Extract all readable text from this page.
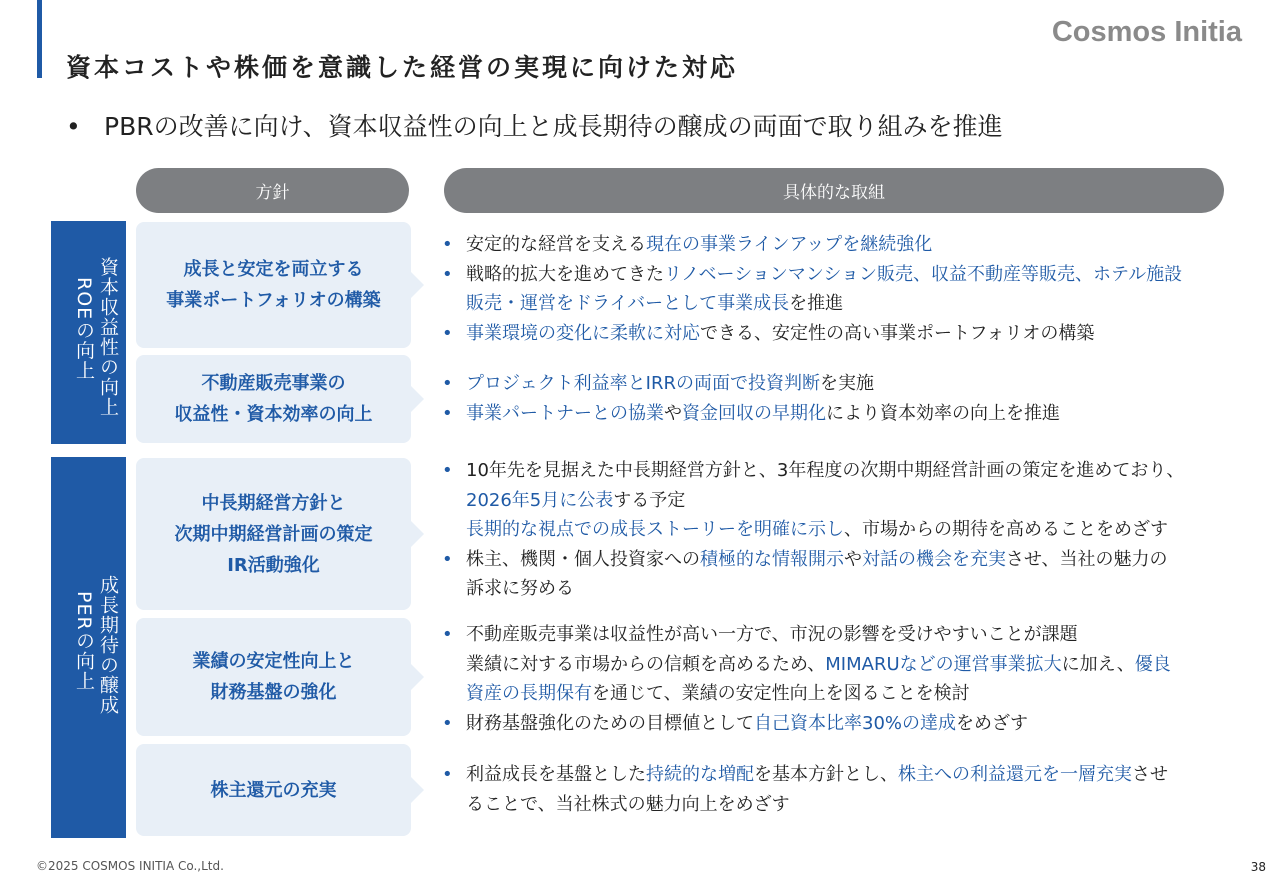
資本コストや株価を意識した経営の実現に向けた対応
Cosmos Initia
• PBRの改善に向け、資本収益性の向上と成長期待の醸成の両面で取り組みを推進
方針	具体的な取組
資本収益性の向上
ROEの向上
成長期待の醸成
PERの向上
成長と安定を両立する
事業ポートフォリオの構築
不動産販売事業の
収益性・資本効率の向上
中長期経営方針と
次期中期経営計画の策定
IR活動強化
業績の安定性向上と
財務基盤の強化
株主還元の充実
• 安定的な経営を支える現在の事業ラインアップを継続強化
• 戦略的拡大を進めてきたリノベーションマンション販売、収益不動産等販売、ホテル施設
販売・運営をドライバーとして事業成長を推進
• 事業環境の変化に柔軟に対応できる、安定性の高い事業ポートフォリオの構築
• プロジェクト利益率とIRRの両面で投資判断を実施
• 事業パートナーとの協業や資金回収の早期化により資本効率の向上を推進
• 10年先を見据えた中長期経営方針と、3年程度の次期中期経営計画の策定を進めており、
2026年5月に公表する予定
長期的な視点での成長ストーリーを明確に示し、市場からの期待を高めることをめざす
• 株主、機関・個人投資家への積極的な情報開示や対話の機会を充実させ、当社の魅力の
訴求に努める
• 不動産販売事業は収益性が高い一方で、市況の影響を受けやすいことが課題
業績に対する市場からの信頼を高めるため、MIMARUなどの運営事業拡大に加え、優良
資産の長期保有を通じて、業績の安定性向上を図ることを検討
• 財務基盤強化のための目標値として自己資本比率30%の達成をめざす
• 利益成長を基盤とした持続的な増配を基本方針とし、株主への利益還元を一層充実させ
ることで、当社株式の魅力向上をめざす
©2025 COSMOS INITIA Co.,Ltd.	38
